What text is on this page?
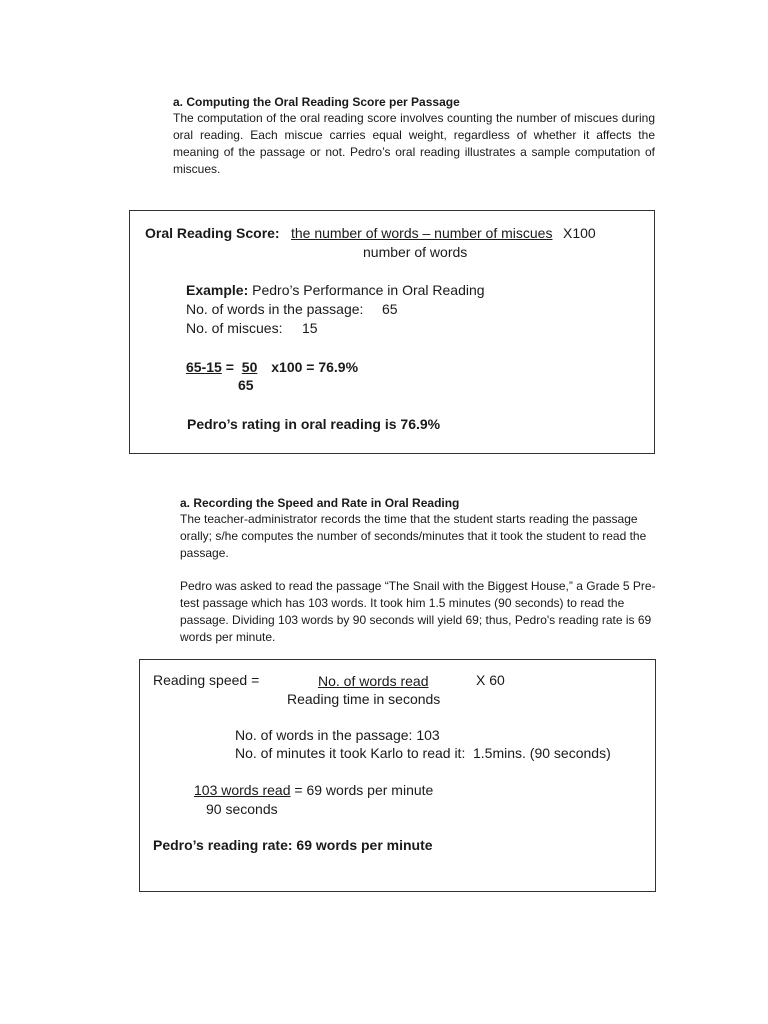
a. Computing the Oral Reading Score per Passage
The computation of the oral reading score involves counting the number of miscues during oral reading. Each miscue carries equal weight, regardless of whether it affects the meaning of the passage or not. Pedro’s oral reading illustrates a sample computation of miscues.
Oral Reading Score: the number of words – number of miscues X100
number of words
Example: Pedro’s Performance in Oral Reading
No. of words in the passage: 65
No. of miscues: 15
65-15 = 50 x100 = 76.9%
65
Pedro’s rating in oral reading is 76.9%
a. Recording the Speed and Rate in Oral Reading
The teacher-administrator records the time that the student starts reading the passage orally; s/he computes the number of seconds/minutes that it took the student to read the passage.
Pedro was asked to read the passage “The Snail with the Biggest House,” a Grade 5 Pre-test passage which has 103 words. It took him 1.5 minutes (90 seconds) to read the passage. Dividing 103 words by 90 seconds will yield 69; thus, Pedro's reading rate is 69 words per minute.
Reading speed =	No. of words read	X 60
Reading time in seconds
No. of words in the passage: 103
No. of minutes it took Karlo to read it: 1.5mins. (90 seconds)
103 words read = 69 words per minute
90 seconds
Pedro’s reading rate: 69 words per minute
